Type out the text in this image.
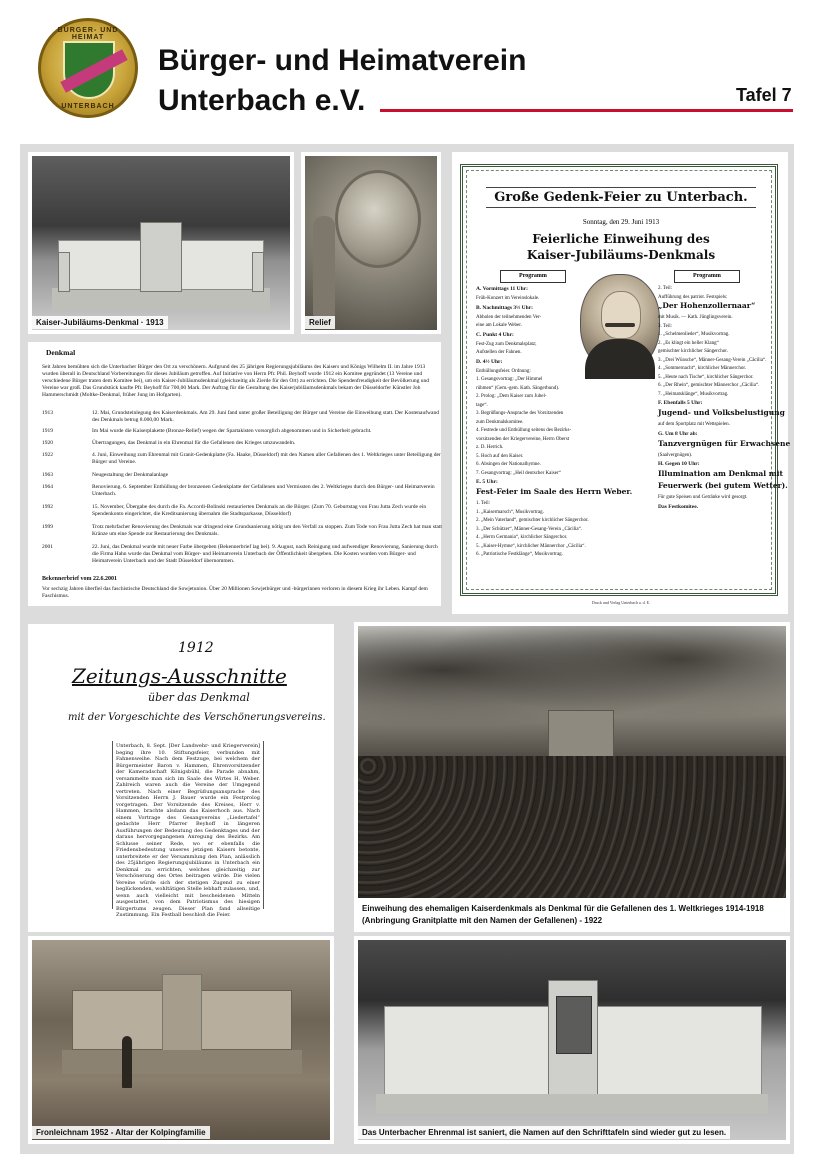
BÜRGER- UND HEIMAT
UNTERBACH
Bürger- und Heimatverein
Unterbach e.V.	Tafel 7
Kaiser-Jubiläums-Denkmal · 1913	Relief
Denkmal
Seit Jahren bemühten sich die Unterbacher Bürger den Ort zu verschönern. Aufgrund des 25 jährigen Regierungsjubiläums des Kaisers und Königs Wilhelm II. im Jahre 1913 wurden überall in Deutschland Vorbereitungen für dieses Jubiläum getroffen. Auf Initiative von Herrn Pfr. Phil. Beyhoff wurde 1912 ein Komitee gegründet (13 Vereine und verschiedene Bürger traten dem Komitee bei), um ein Kaiser-Jubiläumsdenkmal (gleichzeitig als Zierde für den Ort) zu errichten. Die Spendenfreudigkeit der Bevölkerung und Vereine war groß. Das Grundstück kaufte Pfr. Beyhoff für 700,00 Mark. Der Auftrag für die Gestaltung des Kaiserjubiläumsdenkmals bekam der Düsseldorfer Künstler Job Hammerschmidt (Moltke-Denkmal, früher Jung im Hofgarten).
1913	12. Mai, Grundsteinlegung des Kaiserdenkmals. Am 29. Juni fand unter großer Beteiligung der Bürger und Vereine die Einweihung statt. Der Kostenaufwand des Denkmals betrug 8.000,00 Mark.
1919	Im Mai wurde die Kaiserplakette (Bronze-Relief) wegen der Spartakisten vorsorglich abgenommen und in Sicherheit gebracht.
1920	Übertragungen, das Denkmal in ein Ehrenmal für die Gefallenen des Krieges umzuwandeln.
1922	4. Juni, Einweihung zum Ehrenmal mit Granit-Gedenkplatte (Fa. Haake, Düsseldorf) mit den Namen aller Gefallenen des 1. Weltkrieges unter Beteiligung der Bürger und Vereine.
1963	Neugestaltung der Denkmalanlage
1964	Renovierung. 6. September Enthüllung der bronzenen Gedenkplatte der Gefallenen und Vermissten des 2. Weltkrieges durch den Bürger- und Heimatverein Unterbach.
1992	15. November, Übergabe des durch die Fa. Accordi-Bolinski restaurierten Denkmals an die Bürger. (Zum 70. Geburtstag von Frau Jutta Zech wurde ein Spendenkonto eingerichtet, die Kreditsanierung übernahm die Stadtsparkasse, Düsseldorf)
1999	Trotz mehrfacher Renovierung des Denkmals war dringend eine Grundsanierung nötig um den Verfall zu stoppen. Zum Tode von Frau Jutta Zech hat man statt Kränze um eine Spende zur Restaurierung des Denkmals.
2001	22. Juni, das Denkmal wurde mit neuer Farbe übergeben (Bekennerbrief lag bei). 9. August, nach Reinigung und aufwendiger Renovierung, Sanierung durch die Firma Hahn wurde das Denkmal vom Bürger- und Heimatverein Unterbach der Öffentlichkeit übergeben. Die Kosten wurden vom Bürger- und Heimatverein Unterbach und der Stadt Düsseldorf übernommen.
Bekennerbrief vom 22.6.2001
Vor sechzig Jahren überfiel das faschistische Deutschland die Sowjetunion. Über 20 Millionen Sowjetbürger und -bürgerinnen verloren in diesem Krieg ihr Leben. Kampf dem Faschismus.
Große Gedenk-Feier zu Unterbach.
Sonntag, den 29. Juni 1913
Feierliche Einweihung des
Kaiser-Jubiläums-Denkmals
Programm	Programm
A. Vormittags 11 Uhr:
Früh-Konzert im Vereinslokale.
B. Nachmittags 3½ Uhr:
Abholen der teilnehmenden Ver-
eine am Lokale Weber.
C. Punkt 4 Uhr:
Fest-Zug zum Denkmalsplatz;
Aufstellen der Fahnen.
D. 4½ Uhr:
Enthüllungsfeier. Ordnung:
1. Gesangsvortrag: „Der Himmel
rühmen“ (Gem.-gem. Kath. Sängerbund).
2. Prolog: „Dem Kaiser zum Jubel-
tage“.
3. Begrüßungs-Ansprache des Vorsitzenden
zum Denkmalskomitee.
4. Festrede und Enthüllung seitens des Bezirks-
vorsitzenden der Kriegervereine, Herrn Oberst
z. D. Herrich.
5. Hoch auf den Kaiser.
6. Absingen der Nationalhymne.
7. Gesangvortrag: „Heil deutscher Kaiser“
E. 5 Uhr:
Fest-Feier im Saale des Herrn Weber.
1. Teil:
1. „Kaisermarsch“, Musikvortrag.
2. „Mein Vaterland“, gemischter kirchlicher Sängerchor.
3. „Der Schützer“, Männer-Gesang-Verein „Cäcilia“.
4. „Herrn Germania“, kirchlicher Sängerchor.
5. „Kaiser-Hymne“, kirchlicher Männerchor „Cäcilia“.
6. „Patriotische Festklänge“, Musikvortrag.
2. Teil:
Aufführung des patriot. Festspiels:
„Der Hohenzollernaar“
mit Musik. — Kath. Jünglingsverein.
3. Teil:
1. „Schelmenlieder“, Musikvortrag.
2. „Es klingt ein heller Klang“
gemischter kirchlicher Sängerchor.
3. „Drei Wünsche“, Männer-Gesang-Verein „Cäcilia“.
4. „Sommernacht“, kirchlicher Männerchor.
5. „Heute nach Tische“, kirchlicher Sängerchor.
6. „Der Rhein“, gemischter Männerchor „Cäcilia“.
7. „Heimatsklänge“, Musikvortrag.
F. Ebenfalls 5 Uhr:
Jugend- und Volksbelustigung
auf dem Sportplatz mit Wettspielen.
G. Um 8 Uhr ab:
Tanzvergnügen für Erwachsene
(Saalvergnügen).
H. Gegen 10 Uhr:
Illumination am Denkmal mit
Feuerwerk (bei gutem Wetter).
Für gute Speisen und Getränke wird gesorgt.
Das Festkomitee.
Druck und Verlag Unterbach a. d. E.
1912
Zeitungs-Ausschnitte
über das Denkmal
mit der Vorgeschichte des Verschönerungsvereins.
Unterbach, 8. Sept. [Der Landwehr- und Kriegerverein] beging ihre 10. Stiftungsfeier, verbunden mit Fahnenweihe. Nach dem Festzuge, bei welchem der Bürgermeister Baron v. Hammen, Ehrenvorsitzender der Kameradschaft Königsbühl, die Parade abnahm, versammelte man sich im Saale des Wirtes H. Weber. Zahlreich waren auch die Vereine der Umgegend vertreten. Nach einer Begrüßungsansprache des Vorsitzenden Herrn J. Bauer wurde ein Festprolog vorgetragen. Der Vorsitzende des Kreises, Herr v. Hammen, brachte alsdann das Kaiserhoch aus. Nach einem Vortrage des Gesangvereins „Liedertafel“ gedachte Herr Pfarrer Beyhoff in längeren Ausführungen der Bedeutung des Gedenktages und der daraus hervorgegangenen Anregung des Bezirks. Am Schlusse seiner Rede, wo er ebenfalls die Friedensbedeutung unseres jetzigen Kaisers betonte, unterbreitete er der Versammlung den Plan, anlässlich des 25jährigen Regierungsjubiläums in Unterbach ein Denkmal zu errichten, welches gleichzeitig zur Verschönerung des Ortes beitragen würde. Die vielen Vereine würde sich der stetigen Zugend zu einer beglückenden, wohltätigen Stelle lebhaft zulassen, und, wenn auch vielleicht mit bescheidenen Mitteln ausgestattet, von dem Patriotismus des hiesigen Bürgertums zeugen. Dieser Plan fand allseitige Zustimmung. Ein Festball beschloß die Feier.
Einweihung des ehemaligen Kaiserdenkmals als Denkmal für die Gefallenen des 1. Weltkrieges 1914-1918
(Anbringung Granitplatte mit den Namen der Gefallenen) - 1922
Fronleichnam 1952 - Altar der Kolpingfamilie	Das Unterbacher Ehrenmal ist saniert, die Namen auf den Schrifttafeln sind wieder gut zu lesen.
